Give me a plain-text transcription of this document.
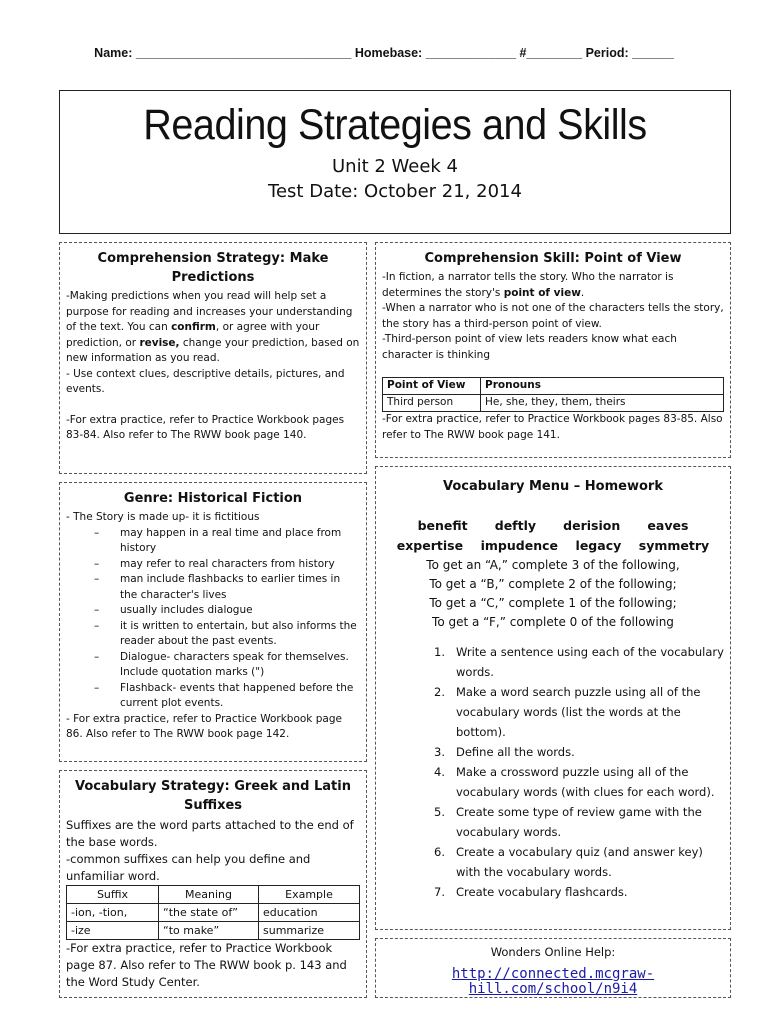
Name: _______________________________ Homebase: _____________ #________ Period: ______
Reading Strategies and Skills
Unit 2 Week 4
Test Date: October 21, 2014
Comprehension Strategy: Make Predictions

-Making predictions when you read will help set a purpose for reading and increases your understanding of the text. You can confirm, or agree with your prediction, or revise, change your prediction, based on new information as you read.

- Use context clues, descriptive details, pictures, and events.

-For extra practice, refer to Practice Workbook pages 83-84. Also refer to The RWW book page 140.

Comprehension Skill: Point of View

-In fiction, a narrator tells the story. Who the narrator is determines the story's point of view.

-When a narrator who is not one of the characters tells the story, the story has a third-person point of view.

-Third-person point of view lets readers know what each character is thinking

Point of View	Pronouns
Third person	He, she, they, them, theirs

-For extra practice, refer to Practice Workbook pages 83-85. Also refer to The RWW book page 141.

Genre: Historical Fiction

- The Story is made up- it is fictitious

– may happen in a real time and place from history
– may refer to real characters from history
– man include flashbacks to earlier times in the character's lives
– usually includes dialogue
– it is written to entertain, but also informs the reader about the past events.
– Dialogue- characters speak for themselves. Include quotation marks (")
– Flashback- events that happened before the current plot events.

- For extra practice, refer to Practice Workbook page 86. Also refer to The RWW book page 142.

Vocabulary Strategy: Greek and Latin Suffixes

Suffixes are the word parts attached to the end of the base words.

-common suffixes can help you define and unfamiliar word.

Suffix	Meaning	Example
-ion, -tion,	“the state of”	education
-ize	“to make”	summarize

-For extra practice, refer to Practice Workbook page 87. Also refer to The RWW book p. 143 and the Word Study Center.

Vocabulary Menu – Homework
benefit deftly derision eaves
expertise impudence legacy symmetry
To get an “A,” complete 3 of the following,
To get a “B,” complete 2 of the following;
To get a “C,” complete 1 of the following;
To get a “F,” complete 0 of the following
1. Write a sentence using each of the vocabulary words.
2. Make a word search puzzle using all of the vocabulary words (list the words at the bottom).
3. Define all the words.
4. Make a crossword puzzle using all of the vocabulary words (with clues for each word).
5. Create some type of review game with the vocabulary words.
6. Create a vocabulary quiz (and answer key) with the vocabulary words.
7. Create vocabulary flashcards.
Wonders Online Help:
http://connected.mcgraw-hill.com/school/n9i4
